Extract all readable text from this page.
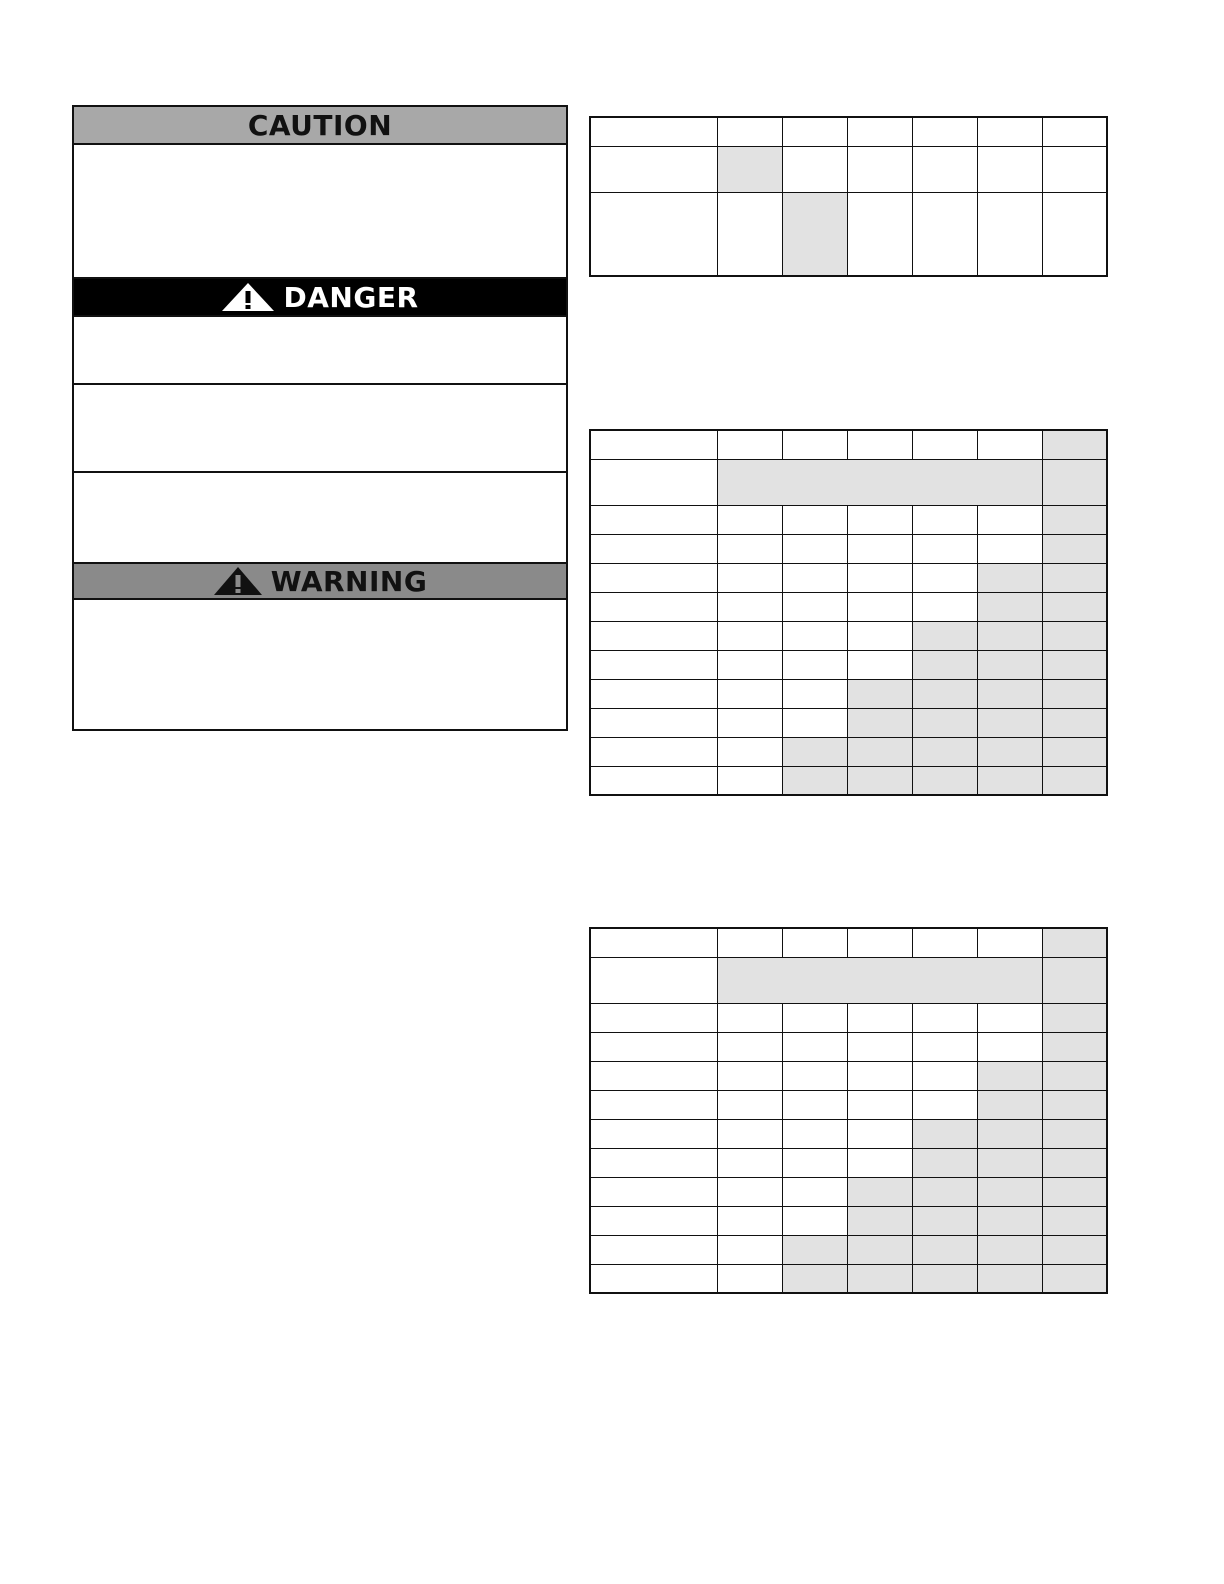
CAUTION
DANGER
WARNING
